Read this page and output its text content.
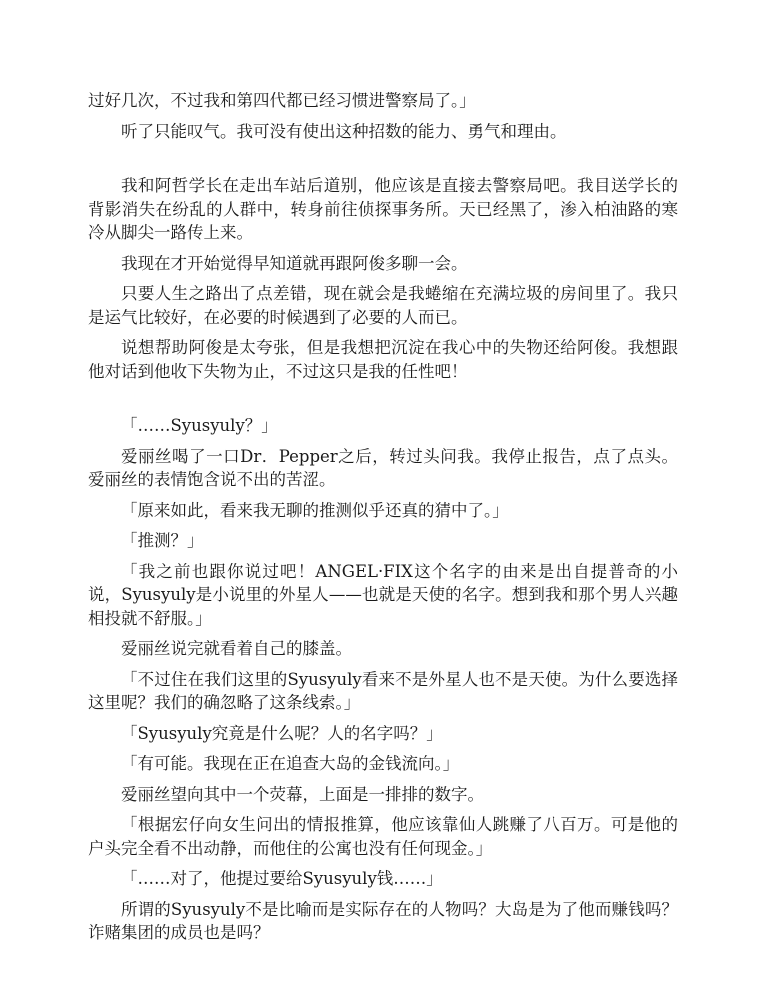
过好几次，不过我和第四代都已经习惯进警察局了。」

听了只能叹气。我可没有使出这种招数的能力、勇气和理由。

我和阿哲学长在走出车站后道别，他应该是直接去警察局吧。我目送学长的背影消失在纷乱的人群中，转身前往侦探事务所。天已经黑了，渗入柏油路的寒冷从脚尖一路传上来。

我现在才开始觉得早知道就再跟阿俊多聊一会。

只要人生之路出了点差错，现在就会是我蜷缩在充满垃圾的房间里了。我只是运气比较好，在必要的时候遇到了必要的人而已。

说想帮助阿俊是太夸张，但是我想把沉淀在我心中的失物还给阿俊。我想跟他对话到他收下失物为止，不过这只是我的任性吧！

「……Syusyuly？」

爱丽丝喝了一口Dr．Pepper之后，转过头问我。我停止报告，点了点头。爱丽丝的表情饱含说不出的苦涩。

「原来如此，看来我无聊的推测似乎还真的猜中了。」

「推测？」

「我之前也跟你说过吧！ANGEL·FIX这个名字的由来是出自提普奇的小说，Syusyuly是小说里的外星人——也就是天使的名字。想到我和那个男人兴趣相投就不舒服。」

爱丽丝说完就看着自己的膝盖。

「不过住在我们这里的Syusyuly看来不是外星人也不是天使。为什么要选择这里呢？我们的确忽略了这条线索。」

「Syusyuly究竟是什么呢？人的名字吗？」

「有可能。我现在正在追查大岛的金钱流向。」

爱丽丝望向其中一个荧幕，上面是一排排的数字。

「根据宏仔向女生问出的情报推算，他应该靠仙人跳赚了八百万。可是他的户头完全看不出动静，而他住的公寓也没有任何现金。」

「……对了，他提过要给Syusyuly钱……」

所谓的Syusyuly不是比喻而是实际存在的人物吗？大岛是为了他而赚钱吗？诈赌集团的成员也是吗？
